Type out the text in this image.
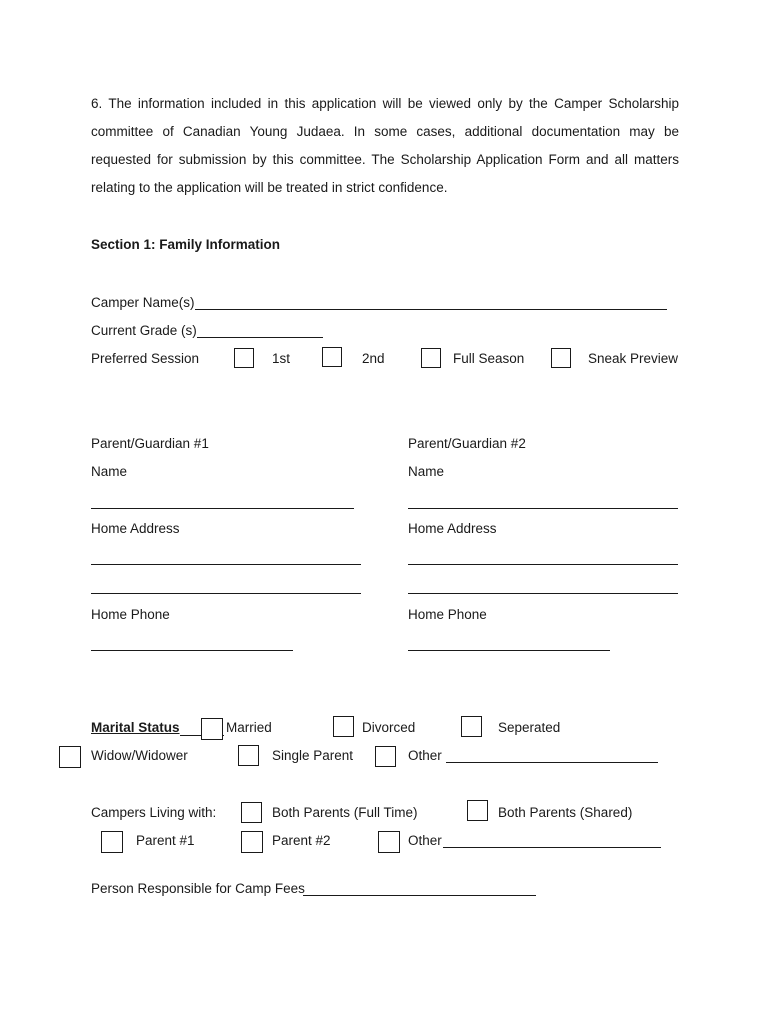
6. The information included in this application will be viewed only by the Camper Scholarship
committee of Canadian Young Judaea. In some cases, additional documentation may be
requested for submission by this committee. The Scholarship Application Form and all matters
relating to the application will be treated in strict confidence.
Section 1: Family Information
Camper Name(s)
Current Grade (s)
Preferred Session	1st	2nd	Full Season	Sneak Preview
Parent/Guardian #1	Parent/Guardian #2
Name	Name
Home Address	Home Address
Home Phone	Home Phone
Marital Status	Married	Divorced	Seperated
Widow/Widower	Single Parent	Other
Campers Living with:	Both Parents (Full Time)	Both Parents (Shared)
Parent #1	Parent #2	Other
Person Responsible for Camp Fees
